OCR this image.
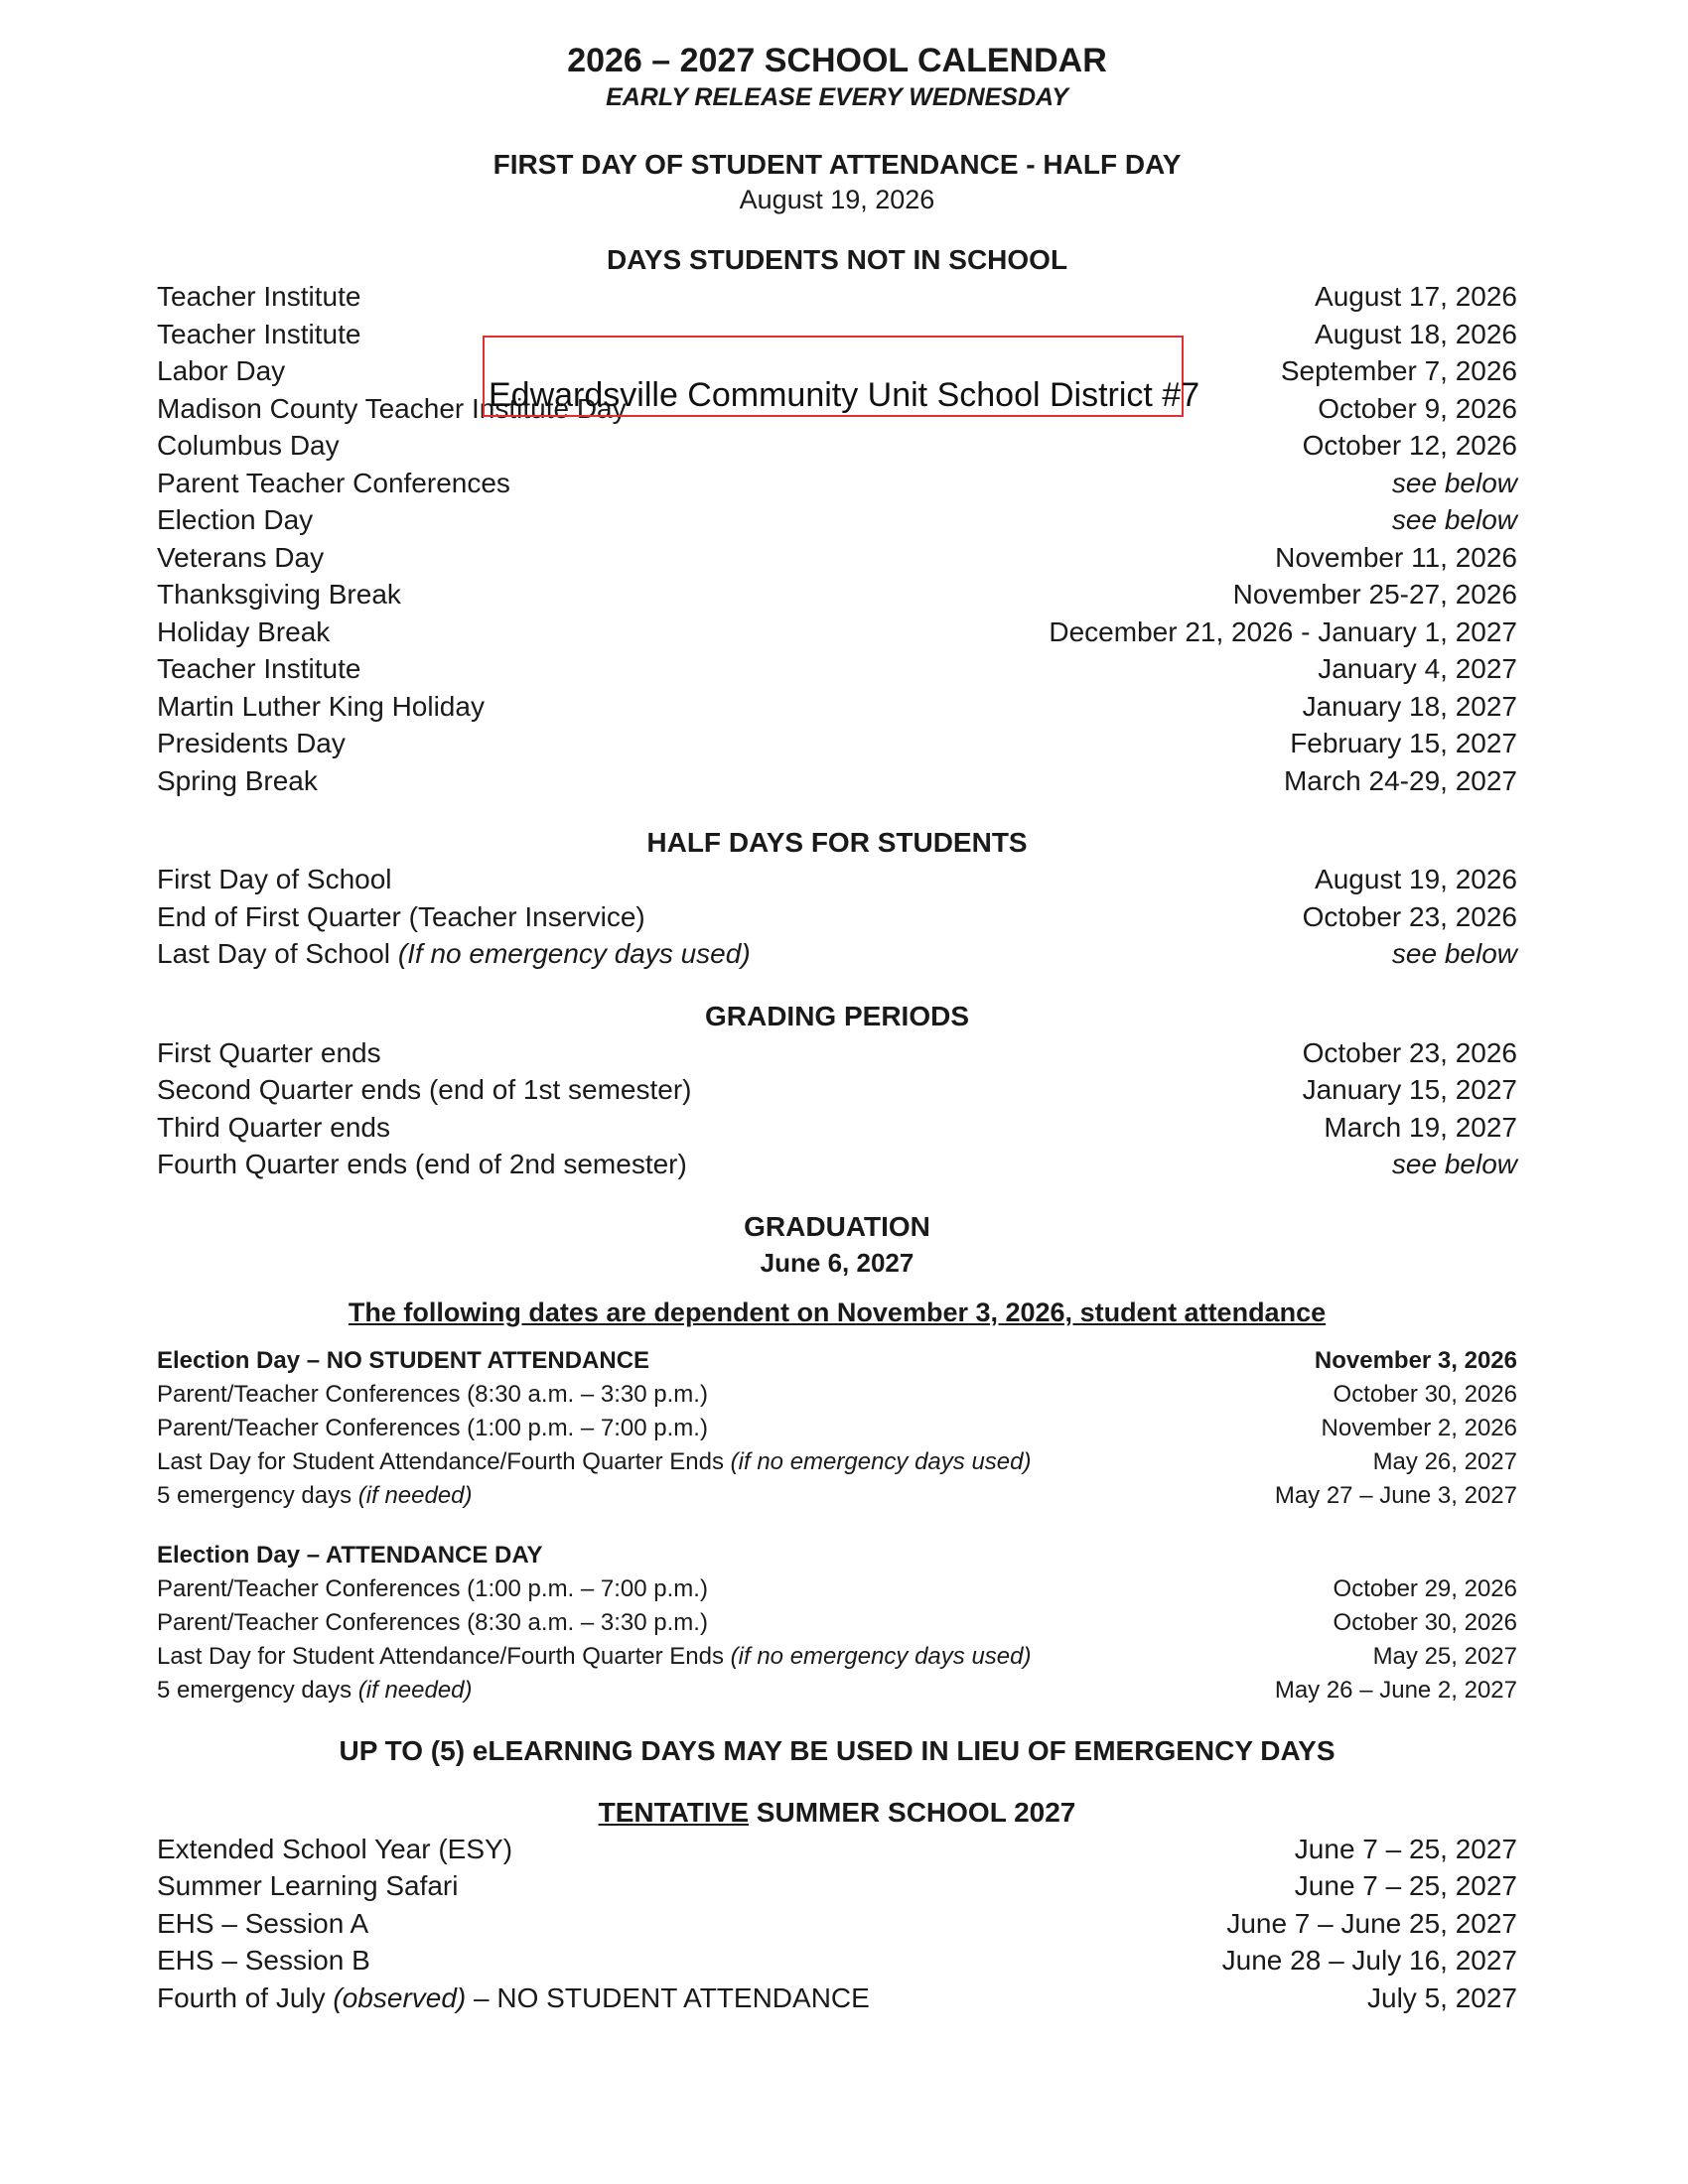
2026 – 2027 SCHOOL CALENDAR
EARLY RELEASE EVERY WEDNESDAY
FIRST DAY OF STUDENT ATTENDANCE - HALF DAY
August 19, 2026
DAYS STUDENTS NOT IN SCHOOL
Teacher Institute	August 17, 2026
Teacher Institute	August 18, 2026
Labor Day	September 7, 2026
Madison County Teacher Institute Day	October 9, 2026
Columbus Day	October 12, 2026
Parent Teacher Conferences	see below
Election Day	see below
Veterans Day	November 11, 2026
Thanksgiving Break	November 25-27, 2026
Holiday Break	December 21, 2026 - January 1, 2027
Teacher Institute	January 4, 2027
Martin Luther King Holiday	January 18, 2027
Presidents Day	February 15, 2027
Spring Break	March 24-29, 2027
HALF DAYS FOR STUDENTS
First Day of School	August 19, 2026
End of First Quarter (Teacher Inservice)	October 23, 2026
Last Day of School (If no emergency days used)	see below
GRADING PERIODS
First Quarter ends	October 23, 2026
Second Quarter ends (end of 1st semester)	January 15, 2027
Third Quarter ends	March 19, 2027
Fourth Quarter ends (end of 2nd semester)	see below
GRADUATION
June 6, 2027
The following dates are dependent on November 3, 2026, student attendance
Election Day – NO STUDENT ATTENDANCE	November 3, 2026
Parent/Teacher Conferences (8:30 a.m. – 3:30 p.m.)	October 30, 2026
Parent/Teacher Conferences (1:00 p.m. – 7:00 p.m.)	November 2, 2026
Last Day for Student Attendance/Fourth Quarter Ends (if no emergency days used)	May 26, 2027
5 emergency days (if needed)	May 27 – June 3, 2027
Election Day – ATTENDANCE DAY
Parent/Teacher Conferences (1:00 p.m. – 7:00 p.m.)	October 29, 2026
Parent/Teacher Conferences (8:30 a.m. – 3:30 p.m.)	October 30, 2026
Last Day for Student Attendance/Fourth Quarter Ends (if no emergency days used)	May 25, 2027
5 emergency days (if needed)	May 26 – June 2, 2027
UP TO (5) eLEARNING DAYS MAY BE USED IN LIEU OF EMERGENCY DAYS
TENTATIVE SUMMER SCHOOL 2027
Extended School Year (ESY)	June 7 – 25, 2027
Summer Learning Safari	June 7 – 25, 2027
EHS – Session A	June 7 – June 25, 2027
EHS – Session B	June 28 – July 16, 2027
Fourth of July (observed) – NO STUDENT ATTENDANCE	July 5, 2027
Edwardsville Community Unit School District #7
